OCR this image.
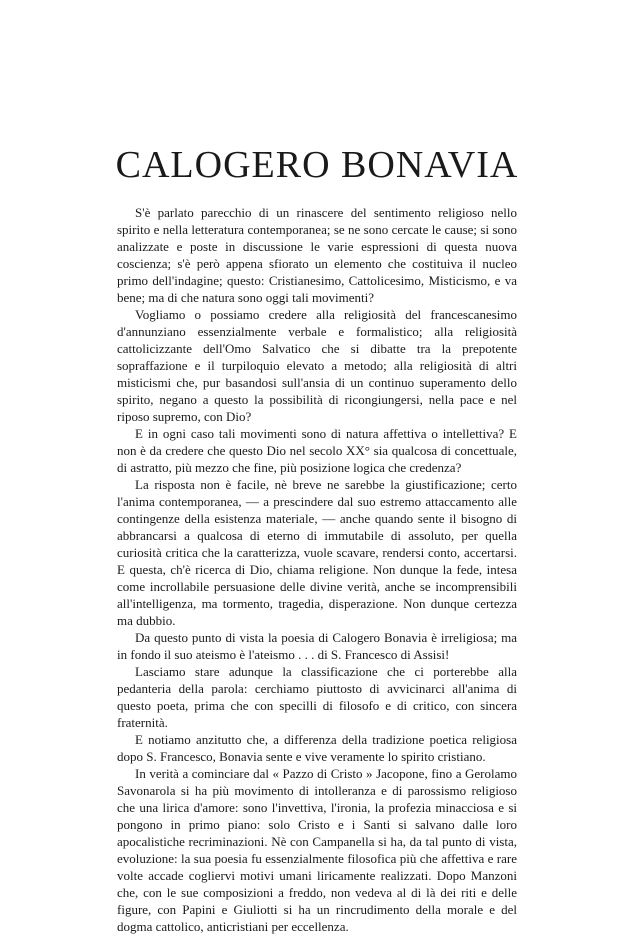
CALOGERO BONAVIA

S'è parlato parecchio di un rinascere del sentimento religioso nello spirito e nella letteratura contemporanea; se ne sono cercate le cause; si sono analizzate e poste in discussione le varie espressioni di questa nuova coscienza; s'è però appena sfiorato un elemento che costituiva il nucleo primo dell'indagine; questo: Cristianesimo, Cattolicesimo, Misticismo, e va bene; ma di che natura sono oggi tali movimenti?

Vogliamo o possiamo credere alla religiosità del francescanesimo d'annunziano essenzialmente verbale e formalistico; alla religiosità cattolicizzante dell'Omo Salvatico che si dibatte tra la prepotente sopraffazione e il turpiloquio elevato a metodo; alla religiosità di altri misticismi che, pur basandosi sull'ansia di un continuo superamento dello spirito, negano a questo la possibilità di ricongiungersi, nella pace e nel riposo supremo, con Dio?

E in ogni caso tali movimenti sono di natura affettiva o intellettiva? E non è da credere che questo Dio nel secolo XX° sia qualcosa di concettuale, di astratto, più mezzo che fine, più posizione logica che credenza?

La risposta non è facile, nè breve ne sarebbe la giustificazione; certo l'anima contemporanea, — a prescindere dal suo estremo attaccamento alle contingenze della esistenza materiale, — anche quando sente il bisogno di abbrancarsi a qualcosa di eterno di immutabile di assoluto, per quella curiosità critica che la caratterizza, vuole scavare, rendersi conto, accertarsi. E questa, ch'è ricerca di Dio, chiama religione. Non dunque la fede, intesa come incrollabile persuasione delle divine verità, anche se incomprensibili all'intelligenza, ma tormento, tragedia, disperazione. Non dunque certezza ma dubbio.

Da questo punto di vista la poesia di Calogero Bonavia è irreligiosa; ma in fondo il suo ateismo è l'ateismo . . . di S. Francesco di Assisi!

Lasciamo stare adunque la classificazione che ci porterebbe alla pedanteria della parola: cerchiamo piuttosto di avvicinarci all'anima di questo poeta, prima che con specilli di filosofo e di critico, con sincera fraternità.

E notiamo anzitutto che, a differenza della tradizione poetica religiosa dopo S. Francesco, Bonavia sente e vive veramente lo spirito cristiano.

In verità a cominciare dal « Pazzo di Cristo » Jacopone, fino a Gerolamo Savonarola si ha più movimento di intolleranza e di parossismo religioso che una lirica d'amore: sono l'invettiva, l'ironia, la profezia minacciosa e si pongono in primo piano: solo Cristo e i Santi si salvano dalle loro apocalistiche recriminazioni. Nè con Campanella si ha, da tal punto di vista, evoluzione: la sua poesia fu essenzialmente filosofica più che affettiva e rare volte accade cogliervi motivi umani liricamente realizzati. Dopo Manzoni che, con le sue composizioni a freddo, non vedeva al di là dei riti e delle figure, con Papini e Giuliotti si ha un rincrudimento della morale e del dogma cattolico, anticristiani per eccellenza.
